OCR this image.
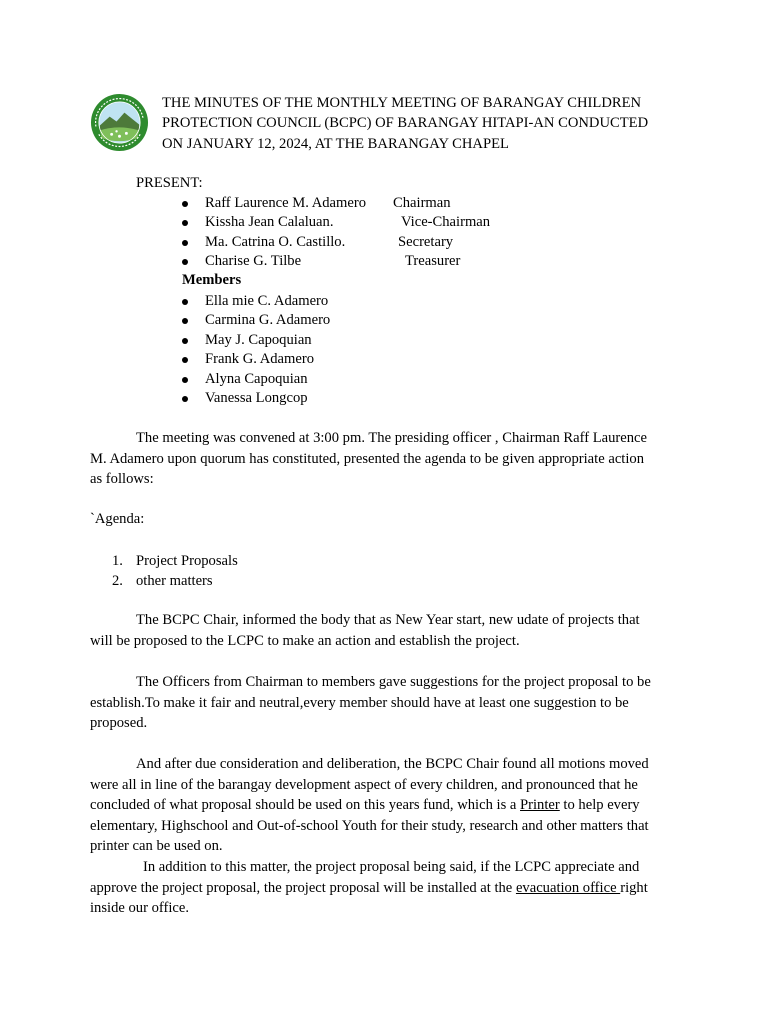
THE MINUTES OF THE MONTHLY MEETING OF BARANGAY CHILDREN
PROTECTION COUNCIL (BCPC) OF BARANGAY HITAPI-AN CONDUCTED
ON JANUARY 12, 2024, AT THE BARANGAY CHAPEL
PRESENT:
Raff Laurence M. Adamero Chairman
Kissha Jean Calaluan.	Vice-Chairman
Ma. Catrina O. Castillo.	Secretary
Charise G. Tilbe	Treasurer
Members
Ella mie C. Adamero
Carmina G. Adamero
May J. Capoquian
Frank G. Adamero
Alyna Capoquian
Vanessa Longcop
The meeting was convened at 3:00 pm. The presiding officer , Chairman Raff Laurence
M. Adamero upon quorum has constituted, presented the agenda to be given appropriate action
as follows:
`Agenda:
1. Project Proposals
2. other matters
The BCPC Chair, informed the body that as New Year start, new udate of projects that
will be proposed to the LCPC to make an action and establish the project.
The Officers from Chairman to members gave suggestions for the project proposal to be
establish.To make it fair and neutral,every member should have at least one suggestion to be
proposed.
And after due consideration and deliberation, the BCPC Chair found all motions moved
were all in line of the barangay development aspect of every children, and pronounced that he
concluded of what proposal should be used on this years fund, which is a Printer to help every
elementary, Highschool and Out-of-school Youth for their study, research and other matters that
printer can be used on.
In addition to this matter, the project proposal being said, if the LCPC appreciate and
approve the project proposal, the project proposal will be installed at the evacuation office right
inside our office.
